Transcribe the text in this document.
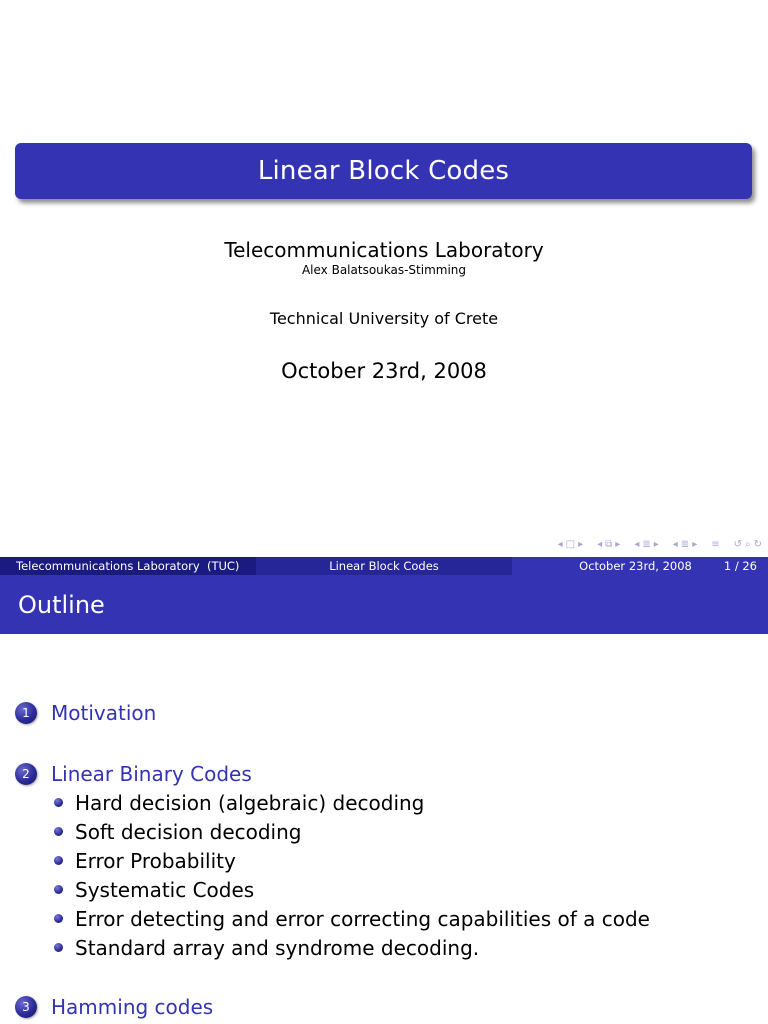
Linear Block Codes
Telecommunications Laboratory
Alex Balatsoukas-Stimming
Technical University of Crete
October 23rd, 2008
◂ □ ▸ ◂ ⧉ ▸ ◂ ≣ ▸ ◂ ≣ ▸ ≡ ↺ ⌕ ↻
Telecommunications Laboratory  (TUC)	Linear Block Codes	October 23rd, 2008	1 / 26
Outline
1	Motivation
2	Linear Binary Codes
Hard decision (algebraic) decoding
Soft decision decoding
Error Probability
Systematic Codes
Error detecting and error correcting capabilities of a code
Standard array and syndrome decoding.
3	Hamming codes
